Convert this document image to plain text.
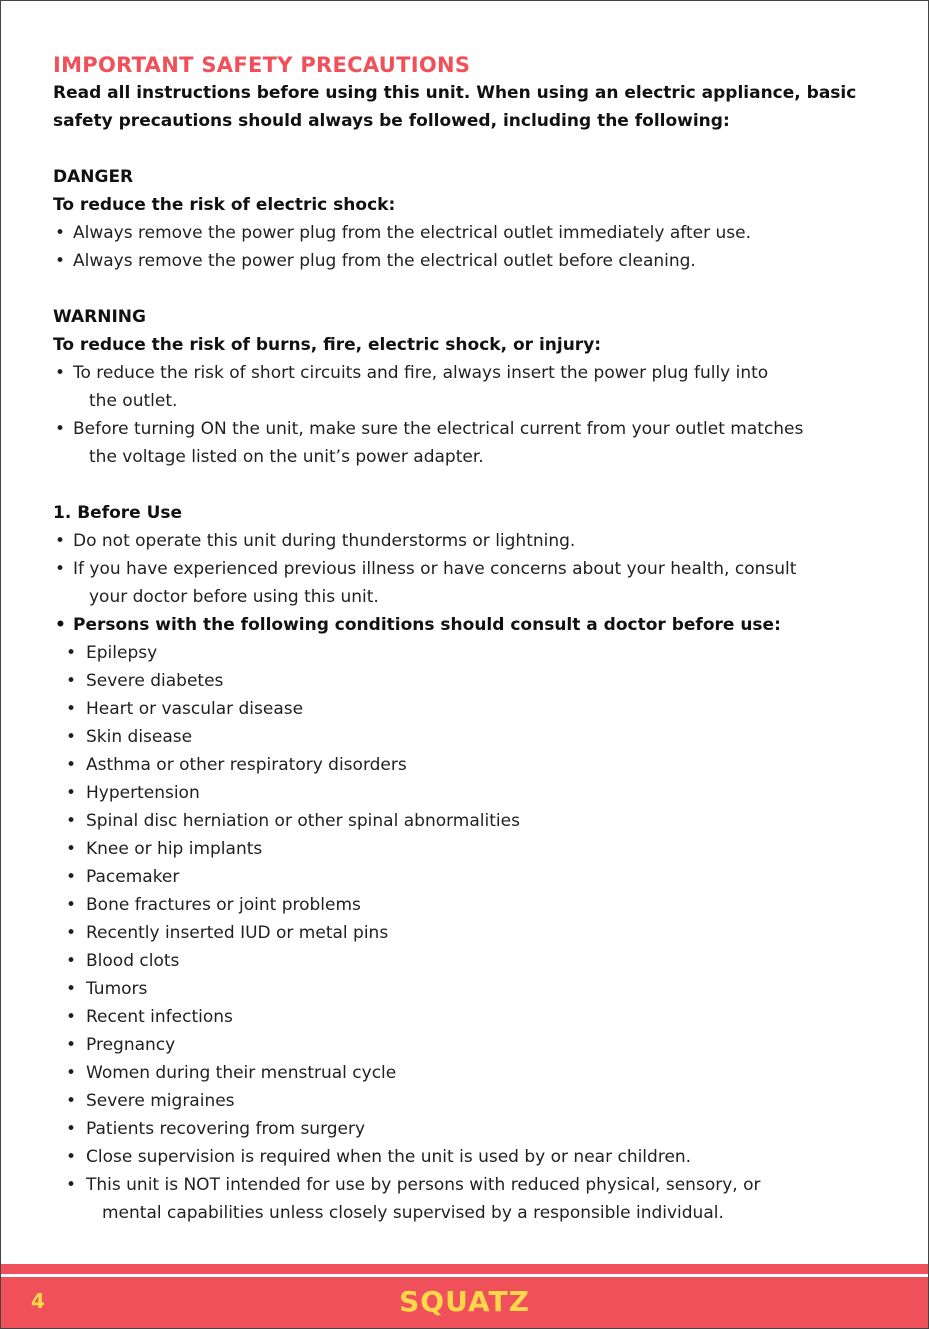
IMPORTANT SAFETY PRECAUTIONS

Read all instructions before using this unit. When using an electric appliance, basic

safety precautions should always be followed, including the following:

DANGER

To reduce the risk of electric shock:

• Always remove the power plug from the electrical outlet immediately after use.
• Always remove the power plug from the electrical outlet before cleaning.

WARNING

To reduce the risk of burns, fire, electric shock, or injury:

• To reduce the risk of short circuits and fire, always insert the power plug fully into
the outlet.
• Before turning ON the unit, make sure the electrical current from your outlet matches
the voltage listed on the unit’s power adapter.

1. Before Use

• Do not operate this unit during thunderstorms or lightning.
• If you have experienced previous illness or have concerns about your health, consult
your doctor before using this unit.
• Persons with the following conditions should consult a doctor before use:
• Epilepsy
• Severe diabetes
• Heart or vascular disease
• Skin disease
• Asthma or other respiratory disorders
• Hypertension
• Spinal disc herniation or other spinal abnormalities
• Knee or hip implants
• Pacemaker
• Bone fractures or joint problems
• Recently inserted IUD or metal pins
• Blood clots
• Tumors
• Recent infections
• Pregnancy
• Women during their menstrual cycle
• Severe migraines
• Patients recovering from surgery
• Close supervision is required when the unit is used by or near children.
• This unit is NOT intended for use by persons with reduced physical, sensory, or
mental capabilities unless closely supervised by a responsible individual.
4	SQUATZ
